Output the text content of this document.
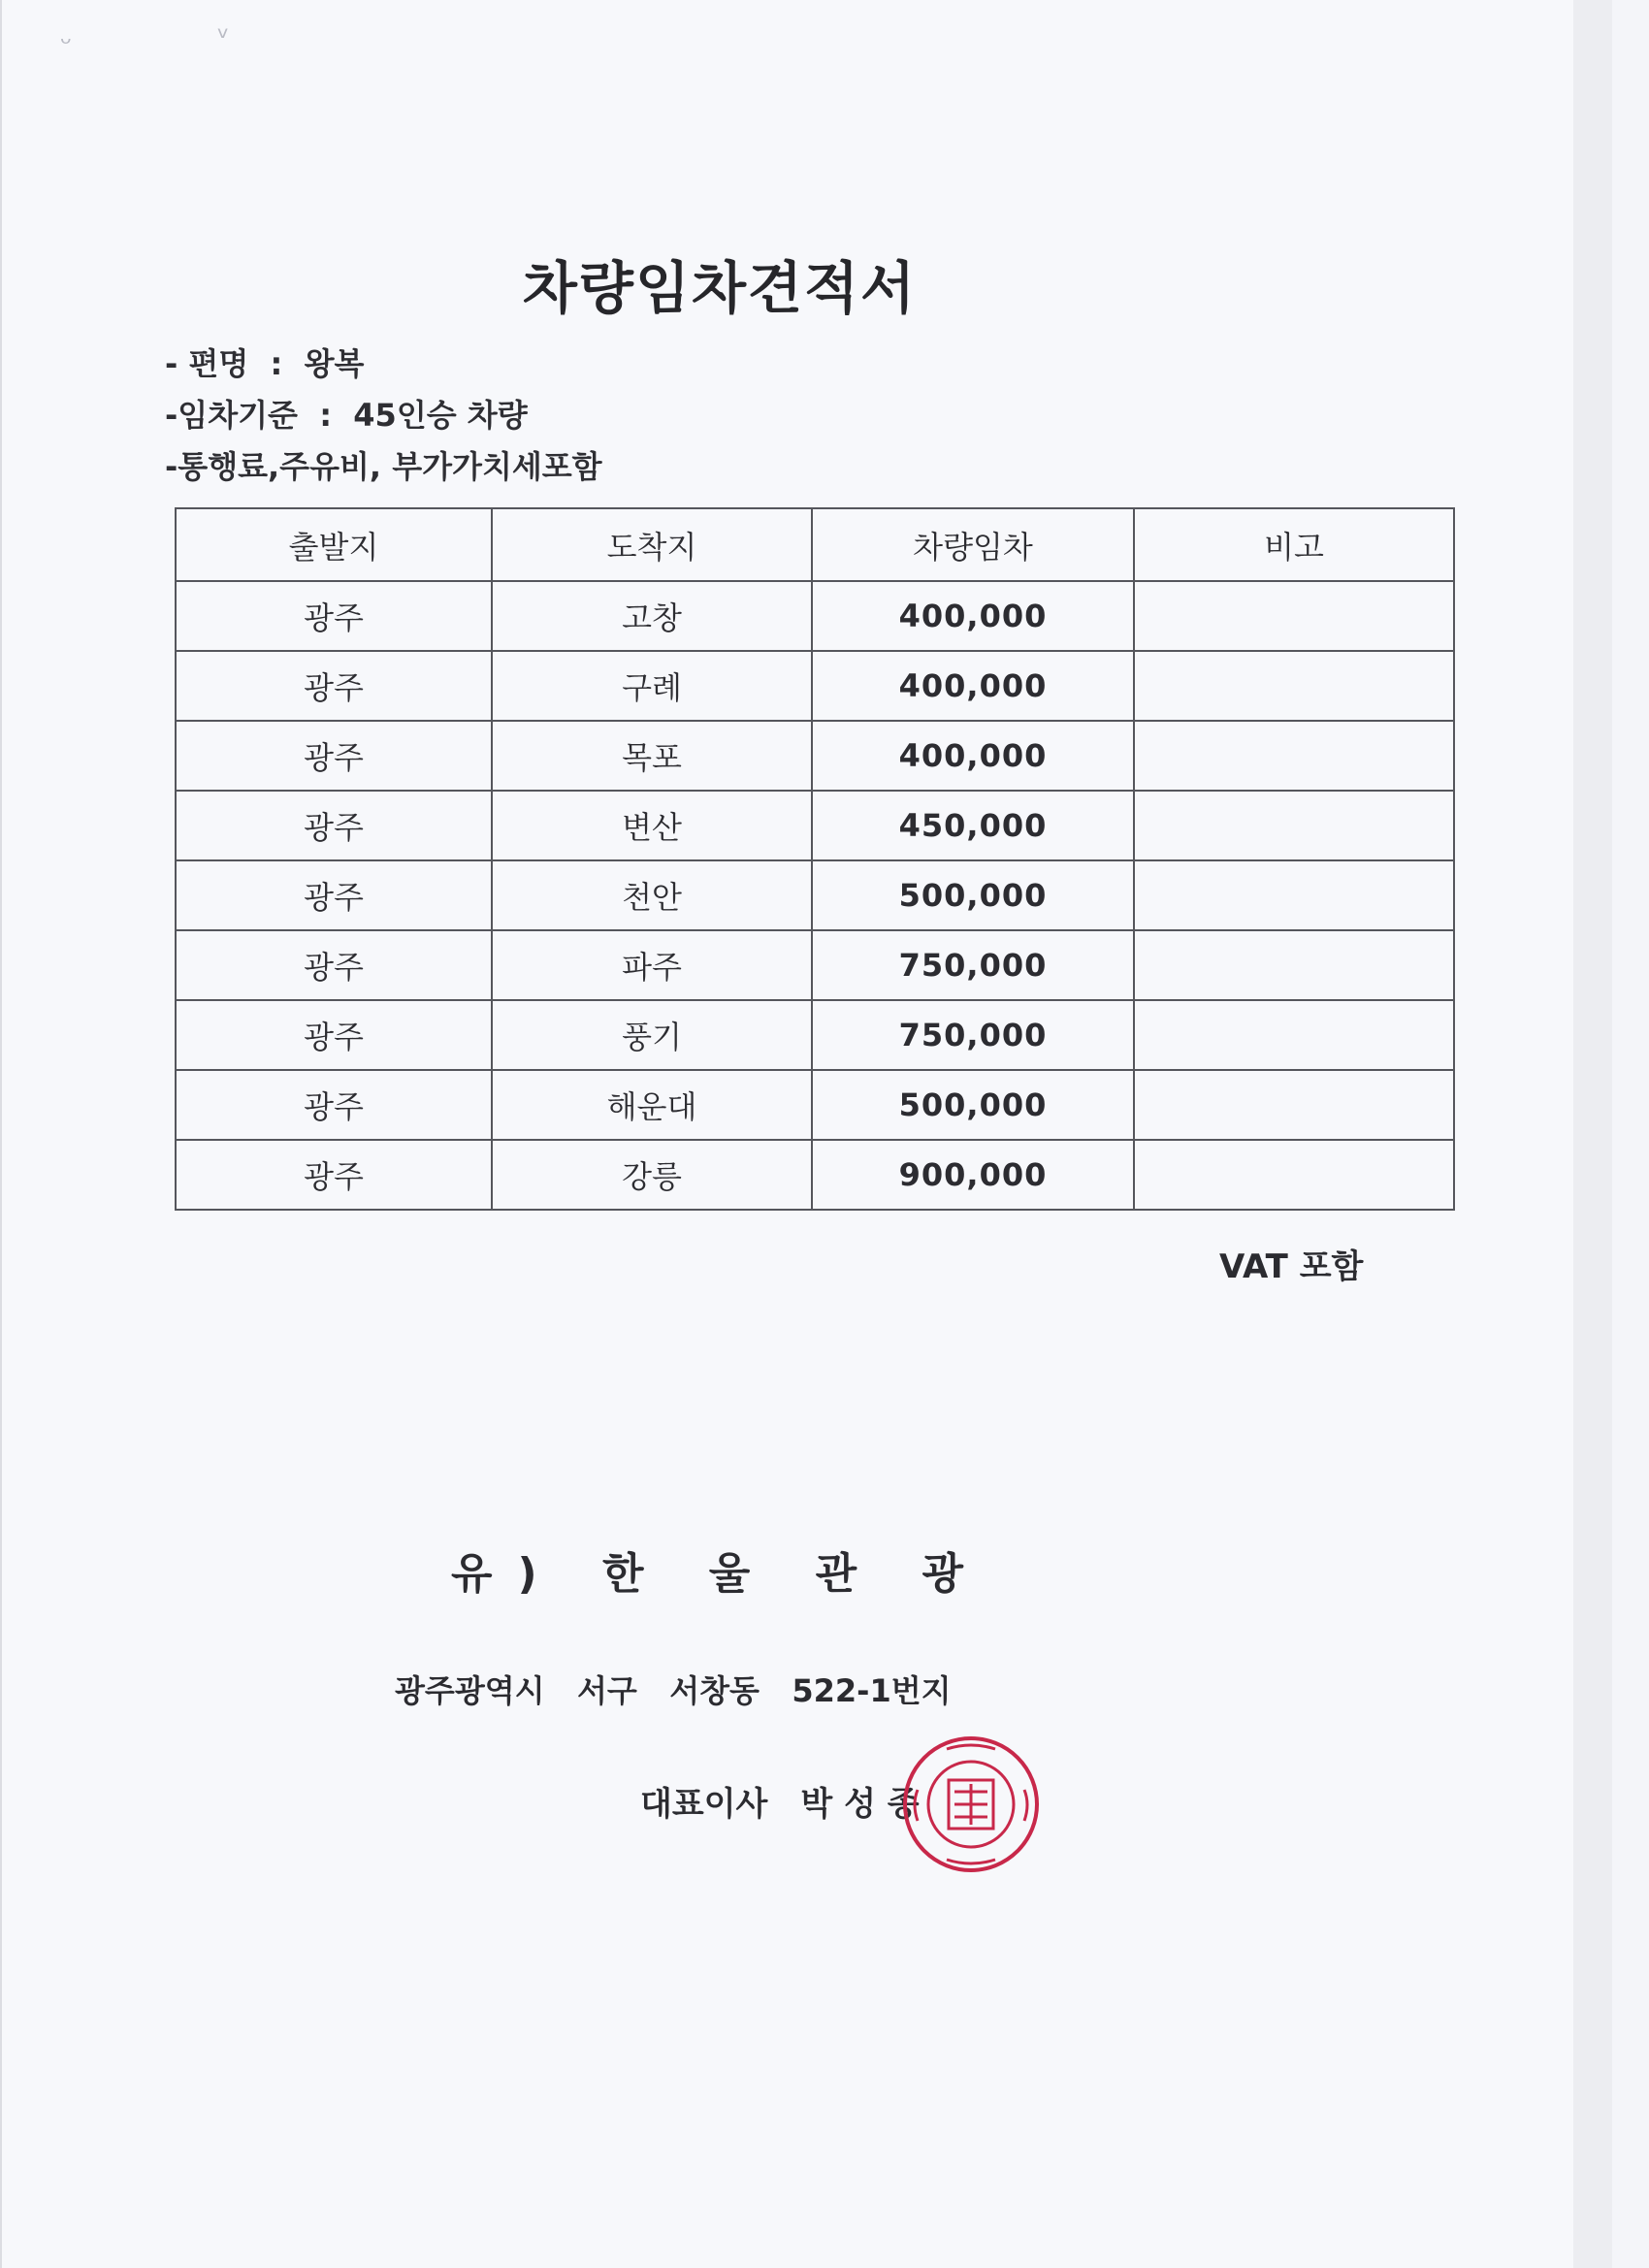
ᵕ	ᵛ
차량임차견적서
- 편명  :  왕복
-임차기준  :  45인승 차량
-통행료,주유비, 부가가치세포함
출발지	도착지	차량임차	비고
광주	고창	400,000	
광주	구례	400,000	
광주	목포	400,000	
광주	변산	450,000	
광주	천안	500,000	
광주	파주	750,000	
광주	풍기	750,000	
광주	해운대	500,000	
광주	강릉	900,000	
VAT 포함
유) 한 울 관 광
광주광역시   서구   서창동   522-1번지
대표이사 박 성 종
